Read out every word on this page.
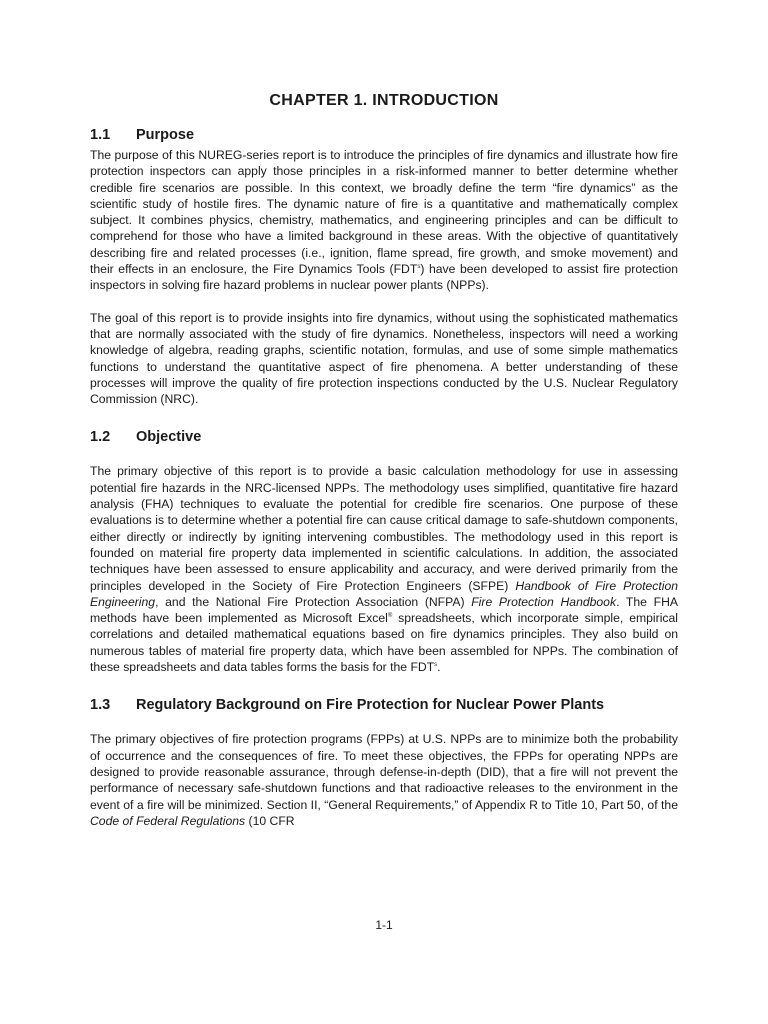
CHAPTER 1. INTRODUCTION
1.1	Purpose

The purpose of this NUREG-series report is to introduce the principles of fire dynamics and illustrate how fire protection inspectors can apply those principles in a risk-informed manner to better determine whether credible fire scenarios are possible. In this context, we broadly define the term “fire dynamics” as the scientific study of hostile fires. The dynamic nature of fire is a quantitative and mathematically complex subject. It combines physics, chemistry, mathematics, and engineering principles and can be difficult to comprehend for those who have a limited background in these areas. With the objective of quantitatively describing fire and related processes (i.e., ignition, flame spread, fire growth, and smoke movement) and their effects in an enclosure, the Fire Dynamics Tools (FDT$^s$) have been developed to assist fire protection inspectors in solving fire hazard problems in nuclear power plants (NPPs).

The goal of this report is to provide insights into fire dynamics, without using the sophisticated mathematics that are normally associated with the study of fire dynamics. Nonetheless, inspectors will need a working knowledge of algebra, reading graphs, scientific notation, formulas, and use of some simple mathematics functions to understand the quantitative aspect of fire phenomena. A better understanding of these processes will improve the quality of fire protection inspections conducted by the U.S. Nuclear Regulatory Commission (NRC).

1.2	Objective

The primary objective of this report is to provide a basic calculation methodology for use in assessing potential fire hazards in the NRC-licensed NPPs. The methodology uses simplified, quantitative fire hazard analysis (FHA) techniques to evaluate the potential for credible fire scenarios. One purpose of these evaluations is to determine whether a potential fire can cause critical damage to safe-shutdown components, either directly or indirectly by igniting intervening combustibles. The methodology used in this report is founded on material fire property data implemented in scientific calculations. In addition, the associated techniques have been assessed to ensure applicability and accuracy, and were derived primarily from the principles developed in the Society of Fire Protection Engineers (SFPE) Handbook of Fire Protection Engineering, and the National Fire Protection Association (NFPA) Fire Protection Handbook. The FHA methods have been implemented as Microsoft Excel® spreadsheets, which incorporate simple, empirical correlations and detailed mathematical equations based on fire dynamics principles. They also build on numerous tables of material fire property data, which have been assembled for NPPs. The combination of these spreadsheets and data tables forms the basis for the FDT$^s$.

1.3	Regulatory Background on Fire Protection for Nuclear Power Plants

The primary objectives of fire protection programs (FPPs) at U.S. NPPs are to minimize both the probability of occurrence and the consequences of fire. To meet these objectives, the FPPs for operating NPPs are designed to provide reasonable assurance, through defense-in-depth (DID), that a fire will not prevent the performance of necessary safe-shutdown functions and that radioactive releases to the environment in the event of a fire will be minimized. Section II, “General Requirements,” of Appendix R to Title 10, Part 50, of the Code of Federal Regulations (10 CFR

1-1
